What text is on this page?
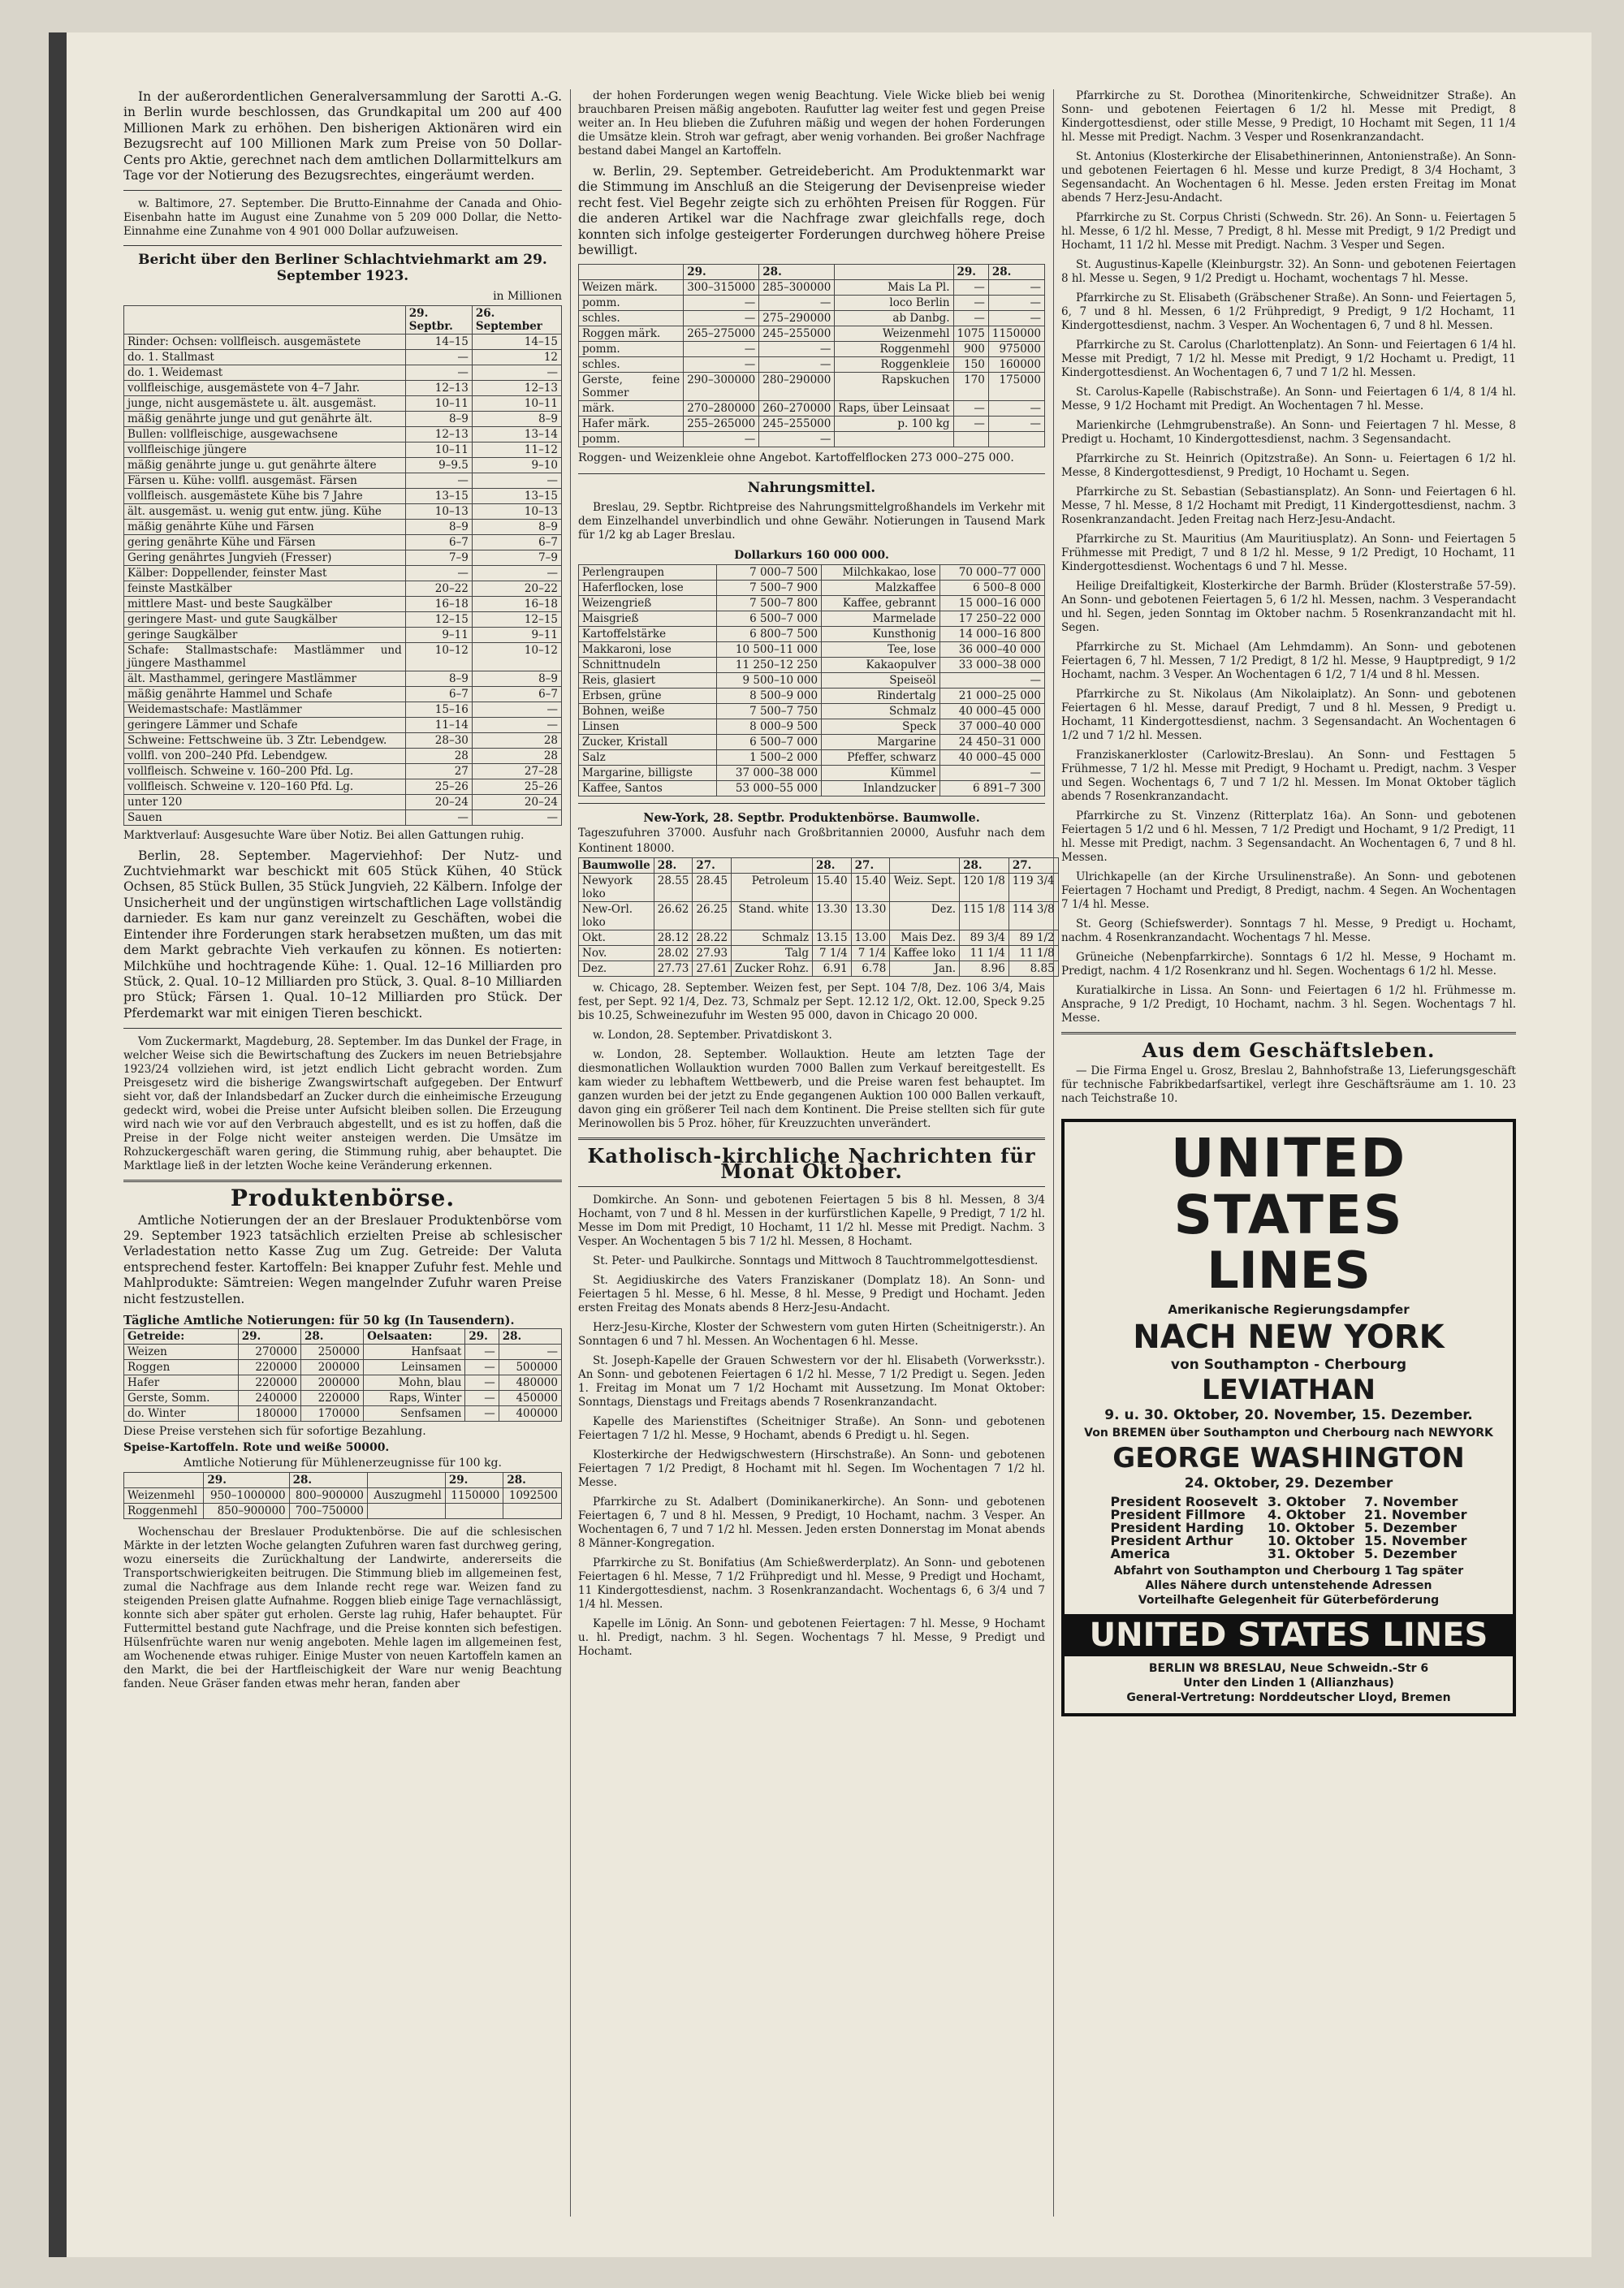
In der außerordentlichen Generalversammlung der Sarotti A.-G. in Berlin wurde beschlossen, das Grundkapital um 200 auf 400 Millionen Mark zu erhöhen. Den bisherigen Aktionären wird ein Bezugsrecht auf 100 Millionen Mark zum Preise von 50 Dollar-Cents pro Aktie, gerechnet nach dem amtlichen Dollarmittelkurs am Tage vor der Notierung des Bezugsrechtes, eingeräumt werden.

w. Baltimore, 27. September. Die Brutto-Einnahme der Canada and Ohio-Eisenbahn hatte im August eine Zunahme von 5 209 000 Dollar, die Netto-Einnahme eine Zunahme von 4 901 000 Dollar aufzuweisen.

Bericht über den Berliner Schlachtviehmarkt am 29. September 1923.
in Millionen
	29. Septbr.	26. September
Rinder: Ochsen: vollfleisch. ausgemästete	14–15	14–15
do. 1. Stallmast	—	12
do. 1. Weidemast	—	—
vollfleischige, ausgemästete von 4–7 Jahr.	12–13	12–13
junge, nicht ausgemästete u. ält. ausgemäst.	10–11	10–11
mäßig genährte junge und gut genährte ält.	8–9	8–9
Bullen: vollfleischige, ausgewachsene	12–13	13–14
vollfleischige jüngere	10–11	11–12
mäßig genährte junge u. gut genährte ältere	9–9.5	9–10
Färsen u. Kühe: vollfl. ausgemäst. Färsen	—	—
vollfleisch. ausgemästete Kühe bis 7 Jahre	13–15	13–15
ält. ausgemäst. u. wenig gut entw. jüng. Kühe	10–13	10–13
mäßig genährte Kühe und Färsen	8–9	8–9
gering genährte Kühe und Färsen	6–7	6–7
Gering genährtes Jungvieh (Fresser)	7–9	7–9
Kälber: Doppellender, feinster Mast	—	—
feinste Mastkälber	20–22	20–22
mittlere Mast- und beste Saugkälber	16–18	16–18
geringere Mast- und gute Saugkälber	12–15	12–15
geringe Saugkälber	9–11	9–11
Schafe: Stallmastschafe: Mastlämmer und jüngere Masthammel	10–12	10–12
ält. Masthammel, geringere Mastlämmer	8–9	8–9
mäßig genährte Hammel und Schafe	6–7	6–7
Weidemastschafe: Mastlämmer	15–16	—
geringere Lämmer und Schafe	11–14	—
Schweine: Fettschweine üb. 3 Ztr. Lebendgew.	28–30	28
vollfl. von 200–240 Pfd. Lebendgew.	28	28
vollfleisch. Schweine v. 160–200 Pfd. Lg.	27	27–28
vollfleisch. Schweine v. 120–160 Pfd. Lg.	25–26	25–26
unter 120	20–24	20–24
Sauen	—	—

Marktverlauf: Ausgesuchte Ware über Notiz. Bei allen Gattungen ruhig.

Berlin, 28. September. Magerviehhof: Der Nutz- und Zuchtviehmarkt war beschickt mit 605 Stück Kühen, 40 Stück Ochsen, 85 Stück Bullen, 35 Stück Jungvieh, 22 Kälbern. Infolge der Unsicherheit und der ungünstigen wirtschaftlichen Lage vollständig darnieder. Es kam nur ganz vereinzelt zu Geschäften, wobei die Eintender ihre Forderungen stark herabsetzen mußten, um das mit dem Markt gebrachte Vieh verkaufen zu können. Es notierten: Milchkühe und hochtragende Kühe: 1. Qual. 12–16 Milliarden pro Stück, 2. Qual. 10–12 Milliarden pro Stück, 3. Qual. 8–10 Milliarden pro Stück; Färsen 1. Qual. 10–12 Milliarden pro Stück. Der Pferdemarkt war mit einigen Tieren beschickt.

Vom Zuckermarkt, Magdeburg, 28. September. Im das Dunkel der Frage, in welcher Weise sich die Bewirtschaftung des Zuckers im neuen Betriebsjahre 1923/24 vollziehen wird, ist jetzt endlich Licht gebracht worden. Zum Preisgesetz wird die bisherige Zwangswirtschaft aufgegeben. Der Entwurf sieht vor, daß der Inlandsbedarf an Zucker durch die einheimische Erzeugung gedeckt wird, wobei die Preise unter Aufsicht bleiben sollen. Die Erzeugung wird nach wie vor auf den Verbrauch abgestellt, und es ist zu hoffen, daß die Preise in der Folge nicht weiter ansteigen werden. Die Umsätze im Rohzuckergeschäft waren gering, die Stimmung ruhig, aber behauptet. Die Marktlage ließ in der letzten Woche keine Veränderung erkennen.

Produktenbörse.

Amtliche Notierungen der an der Breslauer Produktenbörse vom 29. September 1923 tatsächlich erzielten Preise ab schlesischer Verladestation netto Kasse Zug um Zug. Getreide: Der Valuta entsprechend fester. Kartoffeln: Bei knapper Zufuhr fest. Mehle und Mahlprodukte: Sämtreien: Wegen mangelnder Zufuhr waren Preise nicht festzustellen.

Tägliche Amtliche Notierungen: für 50 kg (In Tausendern).
Getreide:	29.	28.	Oelsaaten:	29.	28.
Weizen	270000	250000	Hanfsaat	—	—
Roggen	220000	200000	Leinsamen	—	500000
Hafer	220000	200000	Mohn, blau	—	480000
Gerste, Somm.	240000	220000	Raps, Winter	—	450000
do. Winter	180000	170000	Senfsamen	—	400000
Diese Preise verstehen sich für sofortige Bezahlung.
Speise-Kartoffeln. Rote und weiße 50000.
Amtliche Notierung für Mühlenerzeugnisse für 100 kg.
	29.	28.		29.	28.
Weizenmehl	950–1000000	800–900000	Auszugmehl	1150000	1092500
Roggenmehl	850–900000	700–750000			

Wochenschau der Breslauer Produktenbörse. Die auf die schlesischen Märkte in der letzten Woche gelangten Zufuhren waren fast durchweg gering, wozu einerseits die Zurückhaltung der Landwirte, andererseits die Transportschwierigkeiten beitrugen. Die Stimmung blieb im allgemeinen fest, zumal die Nachfrage aus dem Inlande recht rege war. Weizen fand zu steigenden Preisen glatte Aufnahme. Roggen blieb einige Tage vernachlässigt, konnte sich aber später gut erholen. Gerste lag ruhig, Hafer behauptet. Für Futtermittel bestand gute Nachfrage, und die Preise konnten sich befestigen. Hülsenfrüchte waren nur wenig angeboten. Mehle lagen im allgemeinen fest, am Wochenende etwas ruhiger. Einige Muster von neuen Kartoffeln kamen an den Markt, die bei der Hartfleischigkeit der Ware nur wenig Beachtung fanden. Neue Gräser fanden etwas mehr heran, fanden aber

der hohen Forderungen wegen wenig Beachtung. Viele Wicke blieb bei wenig brauchbaren Preisen mäßig angeboten. Raufutter lag weiter fest und gegen Preise weiter an. In Heu blieben die Zufuhren mäßig und wegen der hohen Forderungen die Umsätze klein. Stroh war gefragt, aber wenig vorhanden. Bei großer Nachfrage bestand dabei Mangel an Kartoffeln.

w. Berlin, 29. September. Getreidebericht. Am Produktenmarkt war die Stimmung im Anschluß an die Steigerung der Devisenpreise wieder recht fest. Viel Begehr zeigte sich zu erhöhten Preisen für Roggen. Für die anderen Artikel war die Nachfrage zwar gleichfalls rege, doch konnten sich infolge gesteigerter Forderungen durchweg höhere Preise bewilligt.

	29.	28.		29.	28.
Weizen märk.	300–315000	285–300000	Mais La Pl.	—	—
pomm.	—	—	loco Berlin	—	—
schles.	—	275–290000	ab Danbg.	—	—
Roggen märk.	265–275000	245–255000	Weizenmehl	1075	1150000
pomm.	—	—	Roggenmehl	900	975000
schles.	—	—	Roggenkleie	150	160000
Gerste, feine Sommer	290–300000	280–290000	Rapskuchen	170	175000
märk.	270–280000	260–270000	Raps, über Leinsaat	—	—
Hafer märk.	255–265000	245–255000	p. 100 kg	—	—
pomm.	—	—			
Roggen- und Weizenkleie ohne Angebot. Kartoffelflocken 273 000–275 000.
Nahrungsmittel.

Breslau, 29. Septbr. Richtpreise des Nahrungsmittelgroßhandels im Verkehr mit dem Einzelhandel unverbindlich und ohne Gewähr. Notierungen in Tausend Mark für 1/2 kg ab Lager Breslau.

Dollarkurs 160 000 000.
Perlengraupen	7 000–7 500	Milchkakao, lose	70 000–77 000
Haferflocken, lose	7 500–7 900	Malzkaffee	6 500–8 000
Weizengrieß	7 500–7 800	Kaffee, gebrannt	15 000–16 000
Maisgrieß	6 500–7 000	Marmelade	17 250–22 000
Kartoffelstärke	6 800–7 500	Kunsthonig	14 000–16 800
Makkaroni, lose	10 500–11 000	Tee, lose	36 000–40 000
Schnittnudeln	11 250–12 250	Kakaopulver	33 000–38 000
Reis, glasiert	9 500–10 000	Speiseöl	—
Erbsen, grüne	8 500–9 000	Rindertalg	21 000–25 000
Bohnen, weiße	7 500–7 750	Schmalz	40 000–45 000
Linsen	8 000–9 500	Speck	37 000–40 000
Zucker, Kristall	6 500–7 000	Margarine	24 450–31 000
Salz	1 500–2 000	Pfeffer, schwarz	40 000–45 000
Margarine, billigste	37 000–38 000	Kümmel	—
Kaffee, Santos	53 000–55 000	Inlandzucker	6 891–7 300
New-York, 28. Septbr. Produktenbörse. Baumwolle.
Tageszufuhren 37000. Ausfuhr nach Großbritannien 20000, Ausfuhr nach dem Kontinent 18000.
Baumwolle	28.	27.		28.	27.		28.	27.
Newyork loko	28.55	28.45	Petroleum	15.40	15.40	Weiz. Sept.	120 1/8	119 3/4
New-Orl. loko	26.62	26.25	Stand. white	13.30	13.30	Dez.	115 1/8	114 3/8
Okt.	28.12	28.22	Schmalz	13.15	13.00	Mais Dez.	89 3/4	89 1/2
Nov.	28.02	27.93	Talg	7 1/4	7 1/4	Kaffee loko	11 1/4	11 1/8
Dez.	27.73	27.61	Zucker Rohz.	6.91	6.78	Jan.	8.96	8.85

w. Chicago, 28. September. Weizen fest, per Sept. 104 7/8, Dez. 106 3/4, Mais fest, per Sept. 92 1/4, Dez. 73, Schmalz per Sept. 12.12 1/2, Okt. 12.00, Speck 9.25 bis 10.25, Schweinezufuhr im Westen 95 000, davon in Chicago 20 000.

w. London, 28. September. Privatdiskont 3.

w. London, 28. September. Wollauktion. Heute am letzten Tage der diesmonatlichen Wollauktion wurden 7000 Ballen zum Verkauf bereitgestellt. Es kam wieder zu lebhaftem Wettbewerb, und die Preise waren fest behauptet. Im ganzen wurden bei der jetzt zu Ende gegangenen Auktion 100 000 Ballen verkauft, davon ging ein größerer Teil nach dem Kontinent. Die Preise stellten sich für gute Merinowollen bis 5 Proz. höher, für Kreuzzuchten unverändert.

Katholisch-kirchliche Nachrichten für Monat Oktober.

Domkirche. An Sonn- und gebotenen Feiertagen 5 bis 8 hl. Messen, 8 3/4 Hochamt, von 7 und 8 hl. Messen in der kurfürstlichen Kapelle, 9 Predigt, 7 1/2 hl. Messe im Dom mit Predigt, 10 Hochamt, 11 1/2 hl. Messe mit Predigt. Nachm. 3 Vesper. An Wochentagen 5 bis 7 1/2 hl. Messen, 8 Hochamt.

St. Peter- und Paulkirche. Sonntags und Mittwoch 8 Tauchtrommelgottesdienst.

St. Aegidiuskirche des Vaters Franziskaner (Domplatz 18). An Sonn- und Feiertagen 5 hl. Messe, 6 hl. Messe, 8 hl. Messe, 9 Predigt und Hochamt. Jeden ersten Freitag des Monats abends 8 Herz-Jesu-Andacht.

Herz-Jesu-Kirche, Kloster der Schwestern vom guten Hirten (Scheitnigerstr.). An Sonntagen 6 und 7 hl. Messen. An Wochentagen 6 hl. Messe.

St. Joseph-Kapelle der Grauen Schwestern vor der hl. Elisabeth (Vorwerksstr.). An Sonn- und gebotenen Feiertagen 6 1/2 hl. Messe, 7 1/2 Predigt u. Segen. Jeden 1. Freitag im Monat um 7 1/2 Hochamt mit Aussetzung. Im Monat Oktober: Sonntags, Dienstags und Freitags abends 7 Rosenkranzandacht.

Kapelle des Marienstiftes (Scheitniger Straße). An Sonn- und gebotenen Feiertagen 7 1/2 hl. Messe, 9 Hochamt, abends 6 Predigt u. hl. Segen.

Klosterkirche der Hedwigschwestern (Hirschstraße). An Sonn- und gebotenen Feiertagen 7 1/2 Predigt, 8 Hochamt mit hl. Segen. Im Wochentagen 7 1/2 hl. Messe.

Pfarrkirche zu St. Adalbert (Dominikanerkirche). An Sonn- und gebotenen Feiertagen 6, 7 und 8 hl. Messen, 9 Predigt, 10 Hochamt, nachm. 3 Vesper. An Wochentagen 6, 7 und 7 1/2 hl. Messen. Jeden ersten Donnerstag im Monat abends 8 Männer-Kongregation.

Pfarrkirche zu St. Bonifatius (Am Schießwerderplatz). An Sonn- und gebotenen Feiertagen 6 hl. Messe, 7 1/2 Frühpredigt und hl. Messe, 9 Predigt und Hochamt, 11 Kindergottesdienst, nachm. 3 Rosenkranzandacht. Wochentags 6, 6 3/4 und 7 1/4 hl. Messen.

Kapelle im Lönig. An Sonn- und gebotenen Feiertagen: 7 hl. Messe, 9 Hochamt u. hl. Predigt, nachm. 3 hl. Segen. Wochentags 7 hl. Messe, 9 Predigt und Hochamt.

Pfarrkirche zu St. Dorothea (Minoritenkirche, Schweidnitzer Straße). An Sonn- und gebotenen Feiertagen 6 1/2 hl. Messe mit Predigt, 8 Kindergottesdienst, oder stille Messe, 9 Predigt, 10 Hochamt mit Segen, 11 1/4 hl. Messe mit Predigt. Nachm. 3 Vesper und Rosenkranzandacht.

St. Antonius (Klosterkirche der Elisabethinerinnen, Antonienstraße). An Sonn- und gebotenen Feiertagen 6 hl. Messe und kurze Predigt, 8 3/4 Hochamt, 3 Segensandacht. An Wochentagen 6 hl. Messe. Jeden ersten Freitag im Monat abends 7 Herz-Jesu-Andacht.

Pfarrkirche zu St. Corpus Christi (Schwedn. Str. 26). An Sonn- u. Feiertagen 5 hl. Messe, 6 1/2 hl. Messe, 7 Predigt, 8 hl. Messe mit Predigt, 9 1/2 Predigt und Hochamt, 11 1/2 hl. Messe mit Predigt. Nachm. 3 Vesper und Segen.

St. Augustinus-Kapelle (Kleinburgstr. 32). An Sonn- und gebotenen Feiertagen 8 hl. Messe u. Segen, 9 1/2 Predigt u. Hochamt, wochentags 7 hl. Messe.

Pfarrkirche zu St. Elisabeth (Gräbschener Straße). An Sonn- und Feiertagen 5, 6, 7 und 8 hl. Messen, 6 1/2 Frühpredigt, 9 Predigt, 9 1/2 Hochamt, 11 Kindergottesdienst, nachm. 3 Vesper. An Wochentagen 6, 7 und 8 hl. Messen.

Pfarrkirche zu St. Carolus (Charlottenplatz). An Sonn- und Feiertagen 6 1/4 hl. Messe mit Predigt, 7 1/2 hl. Messe mit Predigt, 9 1/2 Hochamt u. Predigt, 11 Kindergottesdienst. An Wochentagen 6, 7 und 7 1/2 hl. Messen.

St. Carolus-Kapelle (Rabischstraße). An Sonn- und Feiertagen 6 1/4, 8 1/4 hl. Messe, 9 1/2 Hochamt mit Predigt. An Wochentagen 7 hl. Messe.

Marienkirche (Lehmgrubenstraße). An Sonn- und Feiertagen 7 hl. Messe, 8 Predigt u. Hochamt, 10 Kindergottesdienst, nachm. 3 Segensandacht.

Pfarrkirche zu St. Heinrich (Opitzstraße). An Sonn- u. Feiertagen 6 1/2 hl. Messe, 8 Kindergottesdienst, 9 Predigt, 10 Hochamt u. Segen.

Pfarrkirche zu St. Sebastian (Sebastiansplatz). An Sonn- und Feiertagen 6 hl. Messe, 7 hl. Messe, 8 1/2 Hochamt mit Predigt, 11 Kindergottesdienst, nachm. 3 Rosenkranzandacht. Jeden Freitag nach Herz-Jesu-Andacht.

Pfarrkirche zu St. Mauritius (Am Mauritiusplatz). An Sonn- und Feiertagen 5 Frühmesse mit Predigt, 7 und 8 1/2 hl. Messe, 9 1/2 Predigt, 10 Hochamt, 11 Kindergottesdienst. Wochentags 6 und 7 hl. Messe.

Heilige Dreifaltigkeit, Klosterkirche der Barmh. Brüder (Klosterstraße 57-59). An Sonn- und gebotenen Feiertagen 5, 6 1/2 hl. Messen, nachm. 3 Vesperandacht und hl. Segen, jeden Sonntag im Oktober nachm. 5 Rosenkranzandacht mit hl. Segen.

Pfarrkirche zu St. Michael (Am Lehmdamm). An Sonn- und gebotenen Feiertagen 6, 7 hl. Messen, 7 1/2 Predigt, 8 1/2 hl. Messe, 9 Hauptpredigt, 9 1/2 Hochamt, nachm. 3 Vesper. An Wochentagen 6 1/2, 7 1/4 und 8 hl. Messen.

Pfarrkirche zu St. Nikolaus (Am Nikolaiplatz). An Sonn- und gebotenen Feiertagen 6 hl. Messe, darauf Predigt, 7 und 8 hl. Messen, 9 Predigt u. Hochamt, 11 Kindergottesdienst, nachm. 3 Segensandacht. An Wochentagen 6 1/2 und 7 1/2 hl. Messen.

Franziskanerkloster (Carlowitz-Breslau). An Sonn- und Festtagen 5 Frühmesse, 7 1/2 hl. Messe mit Predigt, 9 Hochamt u. Predigt, nachm. 3 Vesper und Segen. Wochentags 6, 7 und 7 1/2 hl. Messen. Im Monat Oktober täglich abends 7 Rosenkranzandacht.

Pfarrkirche zu St. Vinzenz (Ritterplatz 16a). An Sonn- und gebotenen Feiertagen 5 1/2 und 6 hl. Messen, 7 1/2 Predigt und Hochamt, 9 1/2 Predigt, 11 hl. Messe mit Predigt, nachm. 3 Segensandacht. An Wochentagen 6, 7 und 8 hl. Messen.

Ulrichkapelle (an der Kirche Ursulinenstraße). An Sonn- und gebotenen Feiertagen 7 Hochamt und Predigt, 8 Predigt, nachm. 4 Segen. An Wochentagen 7 1/4 hl. Messe.

St. Georg (Schiefswerder). Sonntags 7 hl. Messe, 9 Predigt u. Hochamt, nachm. 4 Rosenkranzandacht. Wochentags 7 hl. Messe.

Grüneiche (Nebenpfarrkirche). Sonntags 6 1/2 hl. Messe, 9 Hochamt m. Predigt, nachm. 4 1/2 Rosenkranz und hl. Segen. Wochentags 6 1/2 hl. Messe.

Kuratialkirche in Lissa. An Sonn- und Feiertagen 6 1/2 hl. Frühmesse m. Ansprache, 9 1/2 Predigt, 10 Hochamt, nachm. 3 hl. Segen. Wochentags 7 hl. Messe.

Aus dem Geschäftsleben.

— Die Firma Engel u. Grosz, Breslau 2, Bahnhofstraße 13, Lieferungsgeschäft für technische Fabrikbedarfsartikel, verlegt ihre Geschäftsräume am 1. 10. 23 nach Teichstraße 10.

UNITED STATES
LINES
Amerikanische Regierungsdampfer
NACH NEW YORK
von Southampton - Cherbourg
LEVIATHAN
9. u. 30. Oktober, 20. November, 15. Dezember.
Von BREMEN über Southampton und Cherbourg nach NEWYORK
GEORGE WASHINGTON
24. Oktober, 29. Dezember
President Roosevelt	3. Oktober	7. November
President Fillmore	4. Oktober	21. November
President Harding	10. Oktober	5. Dezember
President Arthur	10. Oktober	15. November
America	31. Oktober	5. Dezember
Abfahrt von Southampton und Cherbourg 1 Tag später
Alles Nähere durch untenstehende Adressen
Vorteilhafte Gelegenheit für Güterbeförderung
UNITED STATES LINES
BERLIN W8 BRESLAU, Neue Schweidn.-Str 6
Unter den Linden 1 (Allianzhaus)
General-Vertretung: Norddeutscher Lloyd, Bremen
